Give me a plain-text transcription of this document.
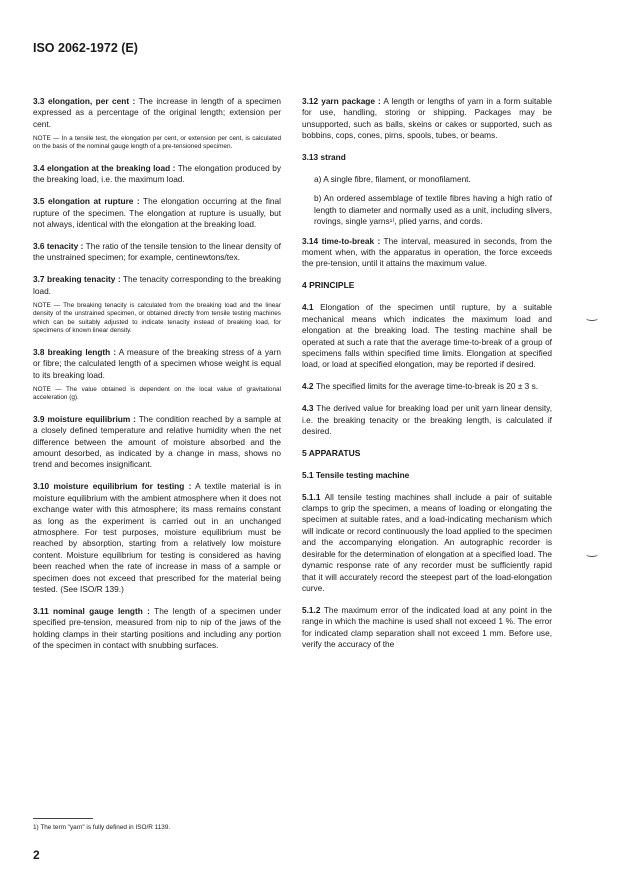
ISO 2062-1972 (E)

3.3 elongation, per cent : The increase in length of a specimen expressed as a percentage of the original length; extension per cent.

NOTE — In a tensile test, the elongation per cent, or extension per cent, is calculated on the basis of the nominal gauge length of a pre-tensioned specimen.

3.4 elongation at the breaking load : The elongation produced by the breaking load, i.e. the maximum load.

3.5 elongation at rupture : The elongation occurring at the final rupture of the specimen. The elongation at rupture is usually, but not always, identical with the elongation at the breaking load.

3.6 tenacity : The ratio of the tensile tension to the linear density of the unstrained specimen; for example, centinewtons/tex.

3.7 breaking tenacity : The tenacity corresponding to the breaking load.

NOTE — The breaking tenacity is calculated from the breaking load and the linear density of the unstrained specimen, or obtained directly from tensile testing machines which can be suitably adjusted to indicate tenacity instead of breaking load, for specimens of known linear density.

3.8 breaking length : A measure of the breaking stress of a yarn or fibre; the calculated length of a specimen whose weight is equal to its breaking load.

NOTE — The value obtained is dependent on the local value of gravitational acceleration (g).

3.9 moisture equilibrium : The condition reached by a sample at a closely defined temperature and relative humidity when the net difference between the amount of moisture absorbed and the amount desorbed, as indicated by a change in mass, shows no trend and becomes insignificant.

3.10 moisture equilibrium for testing : A textile material is in moisture equilibrium with the ambient atmosphere when it does not exchange water with this atmosphere; its mass remains constant as long as the experiment is carried out in an unchanged atmosphere. For test purposes, moisture equilibrium must be reached by absorption, starting from a relatively low moisture content. Moisture equilibrium for testing is considered as having been reached when the rate of increase in mass of a sample or specimen does not exceed that prescribed for the material being tested. (See ISO/R 139.)

3.11 nominal gauge length : The length of a specimen under specified pre-tension, measured from nip to nip of the jaws of the holding clamps in their starting positions and including any portion of the specimen in contact with snubbing surfaces.

3.12 yarn package : A length or lengths of yarn in a form suitable for use, handling, storing or shipping. Packages may be unsupported, such as balls, skeins or cakes or supported, such as bobbins, cops, cones, pirns, spools, tubes, or beams.

3.13 strand

a) A single fibre, filament, or monofilament.

b) An ordered assemblage of textile fibres having a high ratio of length to diameter and normally used as a unit, including slivers, rovings, single yarns¹⁾, plied yarns, and cords.

3.14 time-to-break : The interval, measured in seconds, from the moment when, with the apparatus in operation, the force exceeds the pre-tension, until it attains the maximum value.

4 PRINCIPLE

4.1 Elongation of the specimen until rupture, by a suitable mechanical means which indicates the maximum load and elongation at the breaking load. The testing machine shall be operated at such a rate that the average time-to-break of a group of specimens falls within specified time limits. Elongation at specified load, or load at specified elongation, may be reported if desired.

4.2 The specified limits for the average time-to-break is 20 ± 3 s.

4.3 The derived value for breaking load per unit yarn linear density, i.e. the breaking tenacity or the breaking length, is calculated if desired.

5 APPARATUS

5.1 Tensile testing machine

5.1.1 All tensile testing machines shall include a pair of suitable clamps to grip the specimen, a means of loading or elongating the specimen at suitable rates, and a load-indicating mechanism which will indicate or record continuously the load applied to the specimen and the accompanying elongation. An autographic recorder is desirable for the determination of elongation at a specified load. The dynamic response rate of any recorder must be sufficiently rapid that it will accurately record the steepest part of the load-elongation curve.

5.1.2 The maximum error of the indicated load at any point in the range in which the machine is used shall not exceed 1 %. The error for indicated clamp separation shall not exceed 1 mm. Before use, verify the accuracy of the

1) The term "yarn" is fully defined in ISO/R 1139.
2
